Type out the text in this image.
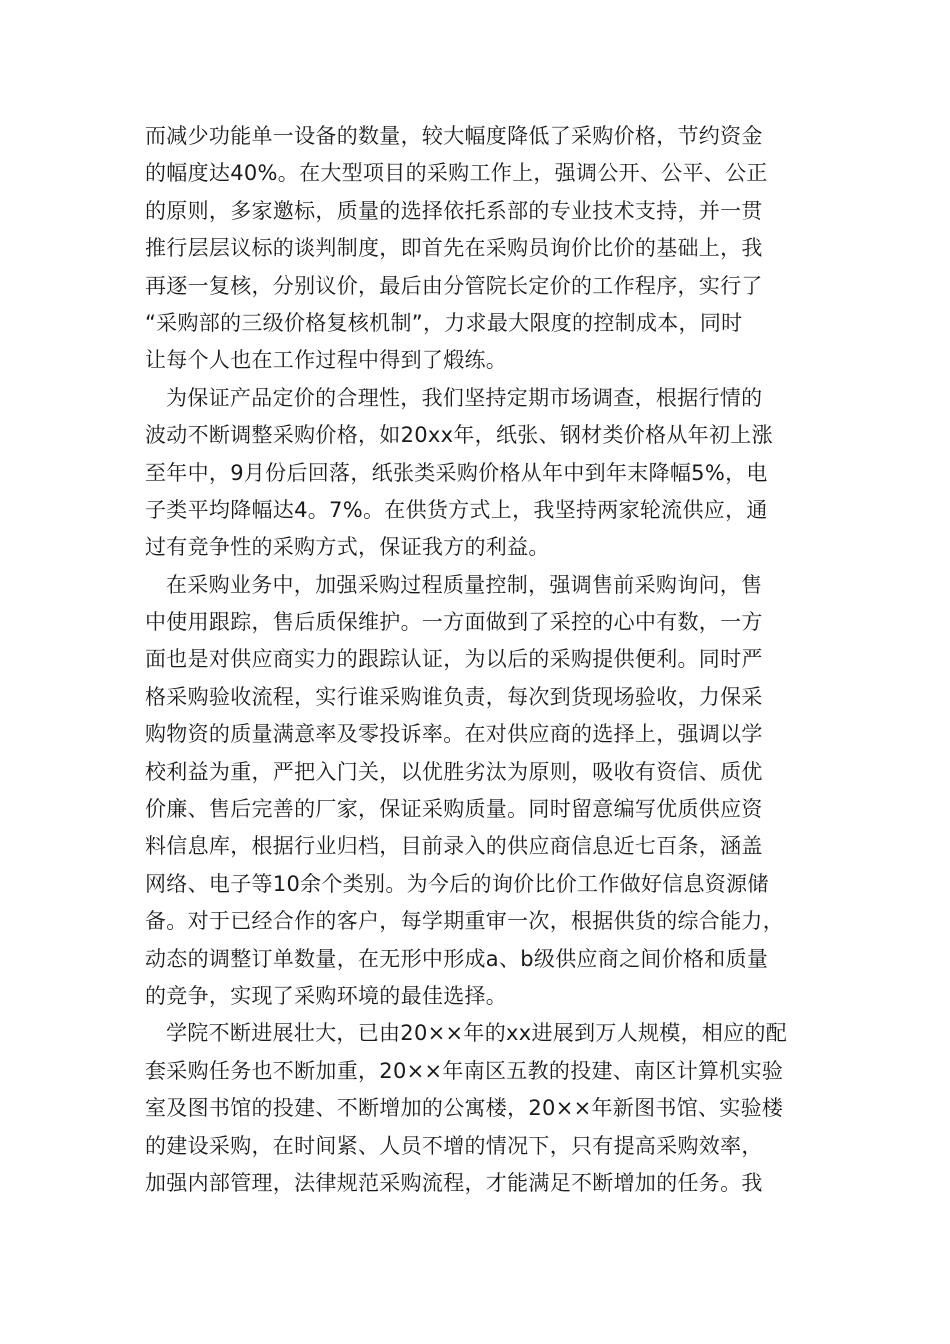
而减少功能单一设备的数量，较大幅度降低了采购价格，节约资金
的幅度达40%。在大型项目的采购工作上，强调公开、公平、公正
的原则，多家邀标，质量的选择依托系部的专业技术支持，并一贯
推行层层议标的谈判制度，即首先在采购员询价比价的基础上，我
再逐一复核，分别议价，最后由分管院长定价的工作程序，实行了
“采购部的三级价格复核机制”，力求最大限度的控制成本，同时
让每个人也在工作过程中得到了煅练。
为保证产品定价的合理性，我们坚持定期市场调查，根据行情的
波动不断调整采购价格，如20xx年，纸张、钢材类价格从年初上涨
至年中，9月份后回落，纸张类采购价格从年中到年末降幅5%，电
子类平均降幅达4。7%。在供货方式上，我坚持两家轮流供应，通
过有竞争性的采购方式，保证我方的利益。
在采购业务中，加强采购过程质量控制，强调售前采购询问，售
中使用跟踪，售后质保维护。一方面做到了采控的心中有数，一方
面也是对供应商实力的跟踪认证，为以后的采购提供便利。同时严
格采购验收流程，实行谁采购谁负责，每次到货现场验收，力保采
购物资的质量满意率及零投诉率。在对供应商的选择上，强调以学
校利益为重，严把入门关，以优胜劣汰为原则，吸收有资信、质优
价廉、售后完善的厂家，保证采购质量。同时留意编写优质供应资
料信息库，根据行业归档，目前录入的供应商信息近七百条，涵盖
网络、电子等10余个类别。为今后的询价比价工作做好信息资源储
备。对于已经合作的客户，每学期重审一次，根据供货的综合能力，
动态的调整订单数量，在无形中形成a、b级供应商之间价格和质量
的竞争，实现了采购环境的最佳选择。
学院不断进展壮大，已由20××年的xx进展到万人规模，相应的配
套采购任务也不断加重，20××年南区五教的投建、南区计算机实验
室及图书馆的投建、不断增加的公寓楼，20××年新图书馆、实验楼
的建设采购，在时间紧、人员不增的情况下，只有提高采购效率，
加强内部管理，法律规范采购流程，才能满足不断增加的任务。我
